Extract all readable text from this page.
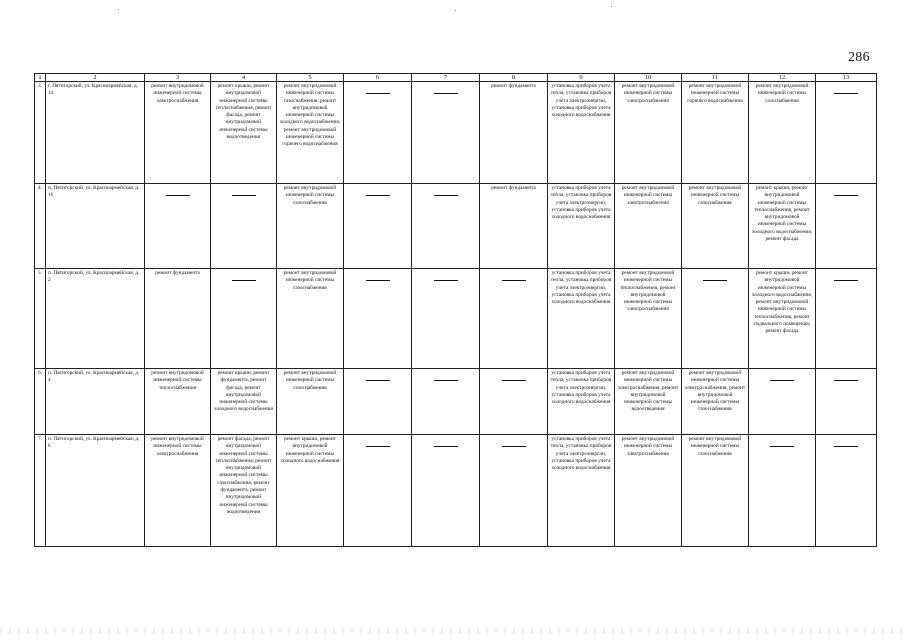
286
1	2	3	4	5	6	7	8	9	10	11	12	13
3.	г. Пятигорский, ул. Красноармейская, д. 14	ремонт внутридомовой инженерной системы электроснабжения	ремонт крыши, ремонт внутридомовой инженерной системы теплоснабжения, ремонт фасада, ремонт внутридомовой инженерной системы водоотведения	ремонт внутридомовой инженерной системы газоснабжения, ремонт внутридомовой инженерной системы холодного водоснабжения, ремонт внутридомовой инженерной системы горячего водоснабжения			ремонт фундамента	установка приборов учета тепла, установка приборов учета электроэнергии, установка приборов учета холодного водоснабжения	ремонт внутридомовой инженерной системы электроснабжения	ремонт внутридомовой инженерной системы горячего водоснабжения	ремонт внутридомовой инженерной системы газоснабжения	

4.	п. Пятигорский, ул. Красноармейская, д. 16			ремонт внутридомовой инженерной системы газоснабжения			ремонт фундамента	установка приборов учета тепла, установка приборов учета электроэнергии, установка приборов учета холодного водоснабжения	ремонт внутридомовой инженерной системы электроснабжения	ремонт внутридомовой инженерной системы газоснабжения	ремонт крыши, ремонт внутридомовой инженерной системы теплоснабжения, ремонт внутридомовой инженерной системы холодного водоснабжения, ремонт фасада	

5.	п. Пятигорский, ул. Красноармейская, д. 2	ремонт фундамента		ремонт внутридомовой инженерной системы газоснабжения				установка приборов учета тепла, установка приборов учета электроэнергии, установка приборов учета холодного водоснабжения	ремонт внутридомовой инженерной системы теплоснабжения, ремонт внутридомовой инженерной системы электроснабжения		ремонт крыши, ремонт внутридомовой инженерной системы холодного водоснабжения, ремонт внутридомовой инженерной системы теплоснабжения, ремонт подвального помещения, ремонт фасада	

6.	п. Пятигорский, ул. Красноармейская, д. 4	ремонт внутридомовой инженерной системы теплоснабжения	ремонт крыши, ремонт фундамента, ремонт фасада, ремонт внутридомовой инженерной системы холодного водоснабжения	ремонт внутридомовой инженерной системы газоснабжения				установка приборов учета тепла, установка приборов учета электроэнергии, установка приборов учета холодного водоснабжения	ремонт внутридомовой инженерной системы электроснабжения, ремонт внутридомовой инженерной системы водоотведения	ремонт внутридомовой инженерной системы электроснабжения, ремонт внутридомовой инженерной системы газоснабжения	

7.	п. Пятигорский, ул. Красноармейская, д. 6	ремонт внутридомовой инженерной системы электроснабжения	ремонт фасада, ремонт внутридомовой инженерной системы теплоснабжения, ремонт внутридомовой инженерной системы газоснабжения, ремонт фундамента, ремонт внутридомовой инженерной системы водоотведения	ремонт крыши, ремонт внутридомовой инженерной системы холодного водоснабжения				установка приборов учета тепла, установка приборов учета электроэнергии, установка приборов учета холодного водоснабжения	ремонт внутридомовой инженерной системы электроснабжения	ремонт внутридомовой инженерной системы газоснабжения	
